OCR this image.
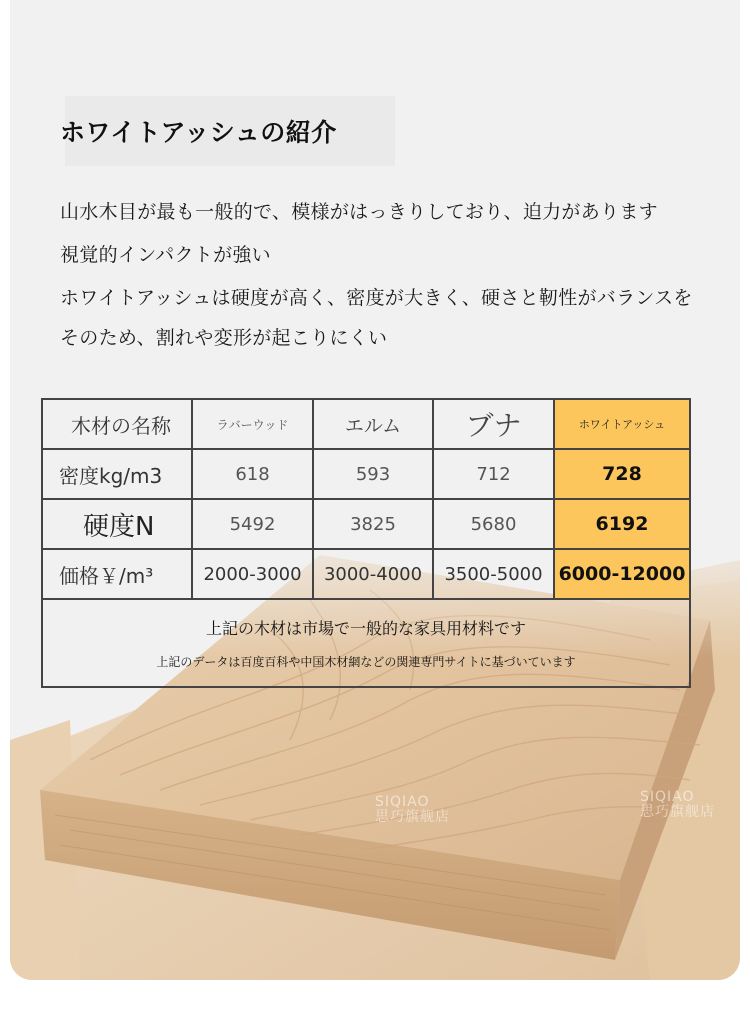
SIQIAO
思巧旗舰店
SIQIAO
思巧旗舰店
ホワイトアッシュの紹介
山水木目が最も一般的で、模様がはっきりしており、迫力があります
視覚的インパクトが強い
ホワイトアッシュは硬度が高く、密度が大きく、硬さと靭性がバランスを
そのため、割れや変形が起こりにくい
木材の名称	ラバーウッド	エルム	ブナ	ホワイトアッシュ
密度kg/m3	618	593	712	728
硬度N	5492	3825	5680	6192
価格￥/m³	2000-3000	3000-4000	3500-5000	6000-12000

上記の木材は市場で一般的な家具用材料です
上記のデータは百度百科や中国木材網などの関連専門サイトに基づいています				
